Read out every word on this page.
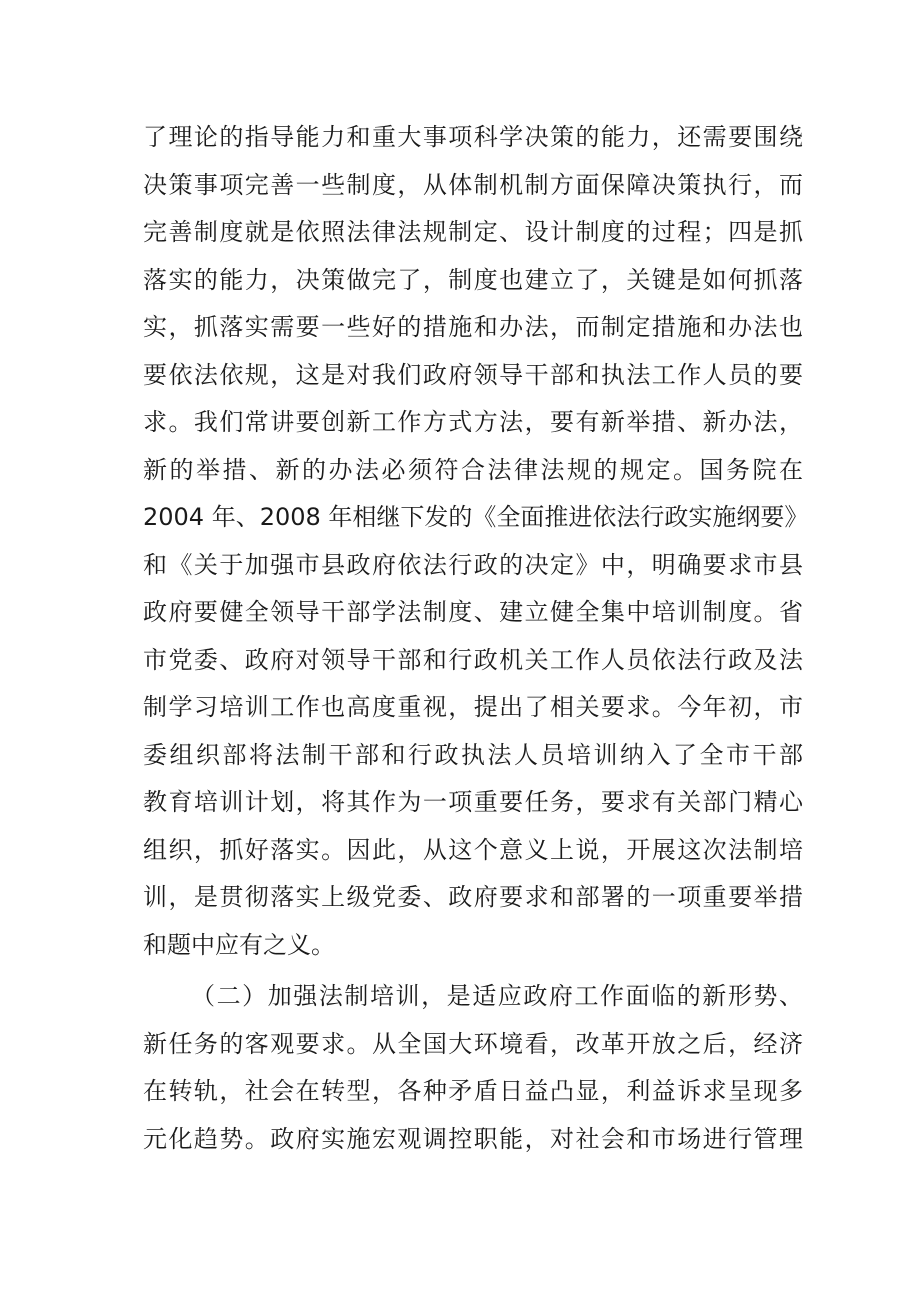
了理论的指导能力和重大事项科学决策的能力，还需要围绕
决策事项完善一些制度，从体制机制方面保障决策执行，而
完善制度就是依照法律法规制定、设计制度的过程；四是抓
落实的能力，决策做完了，制度也建立了，关键是如何抓落
实，抓落实需要一些好的措施和办法，而制定措施和办法也
要依法依规，这是对我们政府领导干部和执法工作人员的要
求。我们常讲要创新工作方式方法，要有新举措、新办法，
新的举措、新的办法必须符合法律法规的规定。国务院在
2004 年、2008 年相继下发的《全面推进依法行政实施纲要》
和《关于加强市县政府依法行政的决定》中，明确要求市县
政府要健全领导干部学法制度、建立健全集中培训制度。省
市党委、政府对领导干部和行政机关工作人员依法行政及法
制学习培训工作也高度重视，提出了相关要求。今年初，市
委组织部将法制干部和行政执法人员培训纳入了全市干部
教育培训计划，将其作为一项重要任务，要求有关部门精心
组织，抓好落实。因此，从这个意义上说，开展这次法制培
训，是贯彻落实上级党委、政府要求和部署的一项重要举措
和题中应有之义。
（二）加强法制培训，是适应政府工作面临的新形势、
新任务的客观要求。从全国大环境看，改革开放之后，经济
在转轨，社会在转型，各种矛盾日益凸显，利益诉求呈现多
元化趋势。政府实施宏观调控职能，对社会和市场进行管理
